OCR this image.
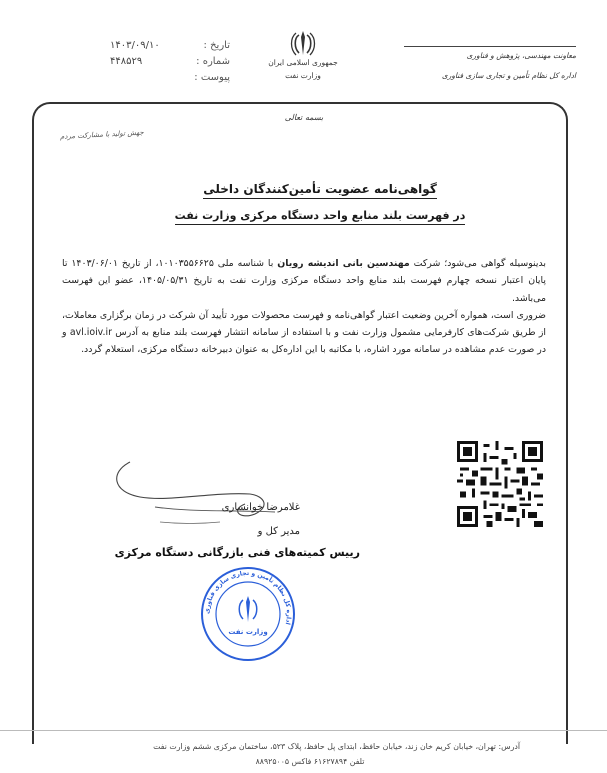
تاریخ :
۱۴۰۳/۰۹/۱۰
شماره :
۴۴۸۵۲۹
پیوست :
جمهوری اسلامی ایران
وزارت نفت
معاونت مهندسی، پژوهش و فناوری
اداره کل نظام تأمین و تجاری سازی فناوری
بسمه تعالی
جهش تولید با مشارکت مردم
گواهی‌نامه عضویت تأمین‌کنندگان داخلی
در فهرست بلند منابع واحد دستگاه مرکزی وزارت نفت

بدینوسیله گواهی می‌شود؛ شرکت مهندسین بانی اندیشه رویان با شناسه ملی ۱۰۱۰۳۵۵۶۶۲۵، از تاریخ ۱۴۰۳/۰۶/۰۱ تا پایان اعتبار نسخه چهارم فهرست بلند منابع واحد دستگاه مرکزی وزارت نفت به تاریخ ۱۴۰۵/۰۵/۳۱، عضو این فهرست می‌باشد.

ضروری است، همواره آخرین وضعیت اعتبار گواهی‌نامه و فهرست محصولات مورد تأیید آن شرکت در زمان برگزاری معاملات، از طریق شرکت‌های کارفرمایی مشمول وزارت نفت و با استفاده از سامانه انتشار فهرست بلند منابع به آدرس avl.ioiv.ir و در صورت عدم مشاهده در سامانه مورد اشاره، با مکاتبه با این اداره‌کل به عنوان دبیرخانه دستگاه مرکزی، استعلام گردد.

غلامرضا خوانساری
مدیر کل و
رییس کمیته‌های فنی بازرگانی دستگاه مرکزی
اداره کل نظام تأمین و تجاری سازی فناوری
وزارت نفت
آدرس: تهران، خیابان کریم خان زند، خیابان حافظ، ابتدای پل حافظ، پلاک ۵۲۳، ساختمان مرکزی ششم وزارت نفت
تلفن ۶۱۶۲۷۸۹۴ فاکس ۸۸۹۲۵۰۰۵
